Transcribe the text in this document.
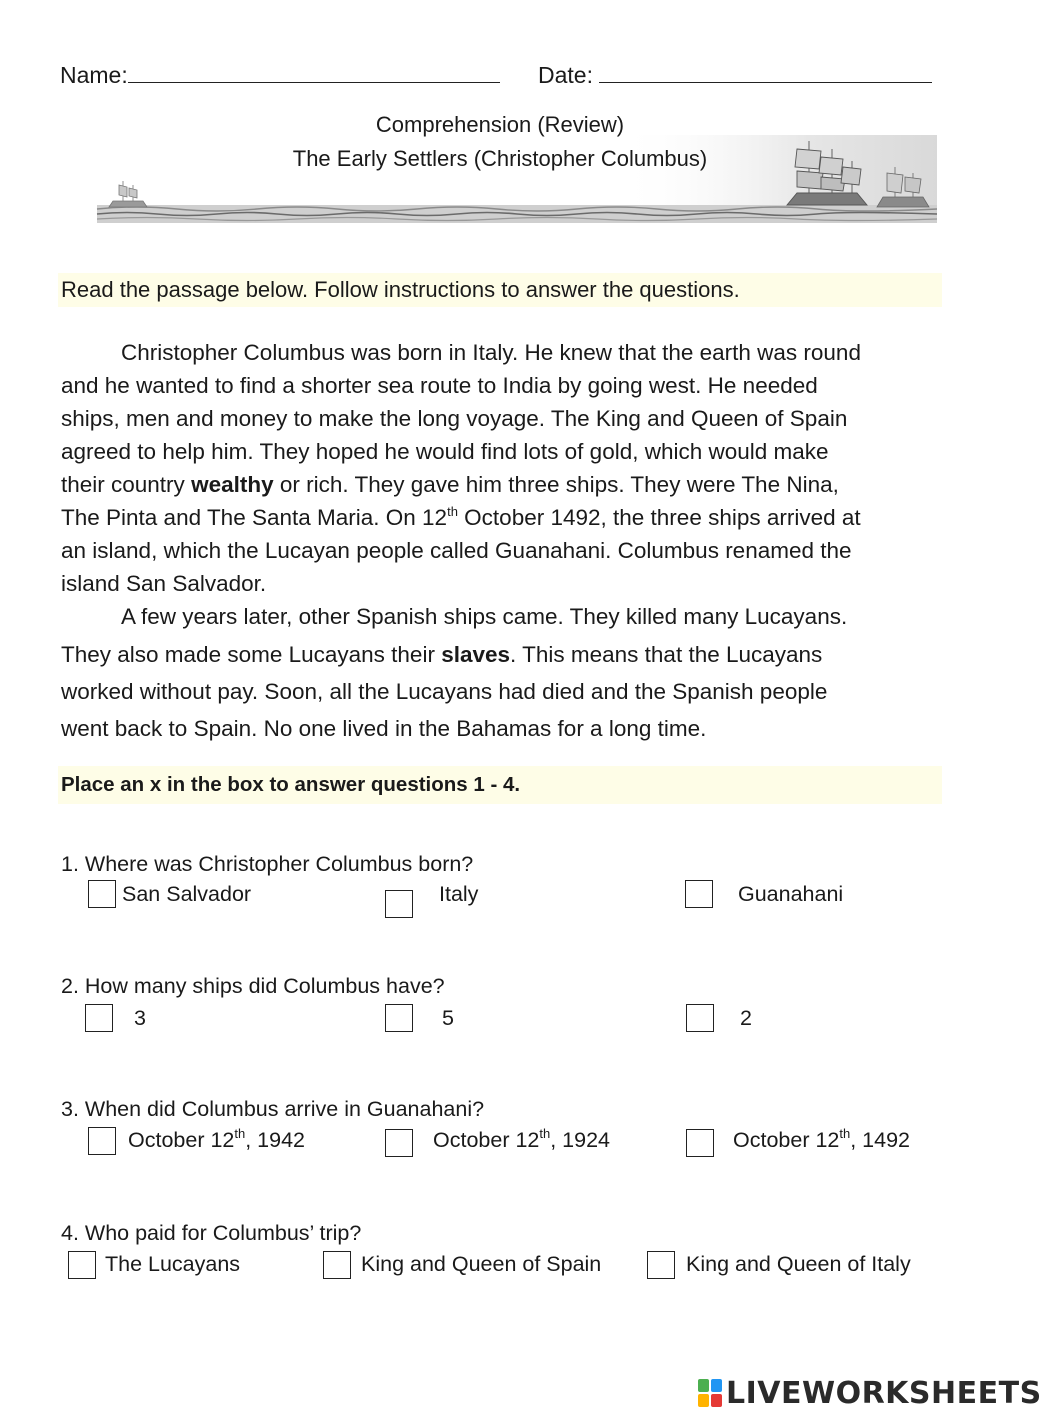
Name:	Date:
Comprehension (Review)
The Early Settlers (Christopher Columbus)
Read the passage below. Follow instructions to answer the questions.
Christopher Columbus was born in Italy. He knew that the earth was round
and he wanted to find a shorter sea route to India by going west. He needed
ships, men and money to make the long voyage. The King and Queen of Spain
agreed to help him. They hoped he would find lots of gold, which would make
their country wealthy or rich. They gave him three ships. They were The Nina,
The Pinta and The Santa Maria. On 12th October 1492, the three ships arrived at
an island, which the Lucayan people called Guanahani. Columbus renamed the
island San Salvador.
A few years later, other Spanish ships came. They killed many Lucayans.
They also made some Lucayans their slaves. This means that the Lucayans
worked without pay. Soon, all the Lucayans had died and the Spanish people
went back to Spain. No one lived in the Bahamas for a long time.
Place an x in the box to answer questions 1 - 4.
1. Where was Christopher Columbus born?
San Salvador	Italy	Guanahani
2. How many ships did Columbus have?
3	5	2
3. When did Columbus arrive in Guanahani?
October 12th, 1942	October 12th, 1924	October 12th, 1492
4. Who paid for Columbus’ trip?
The Lucayans	King and Queen of Spain	King and Queen of Italy
LIVEWORKSHEETS
